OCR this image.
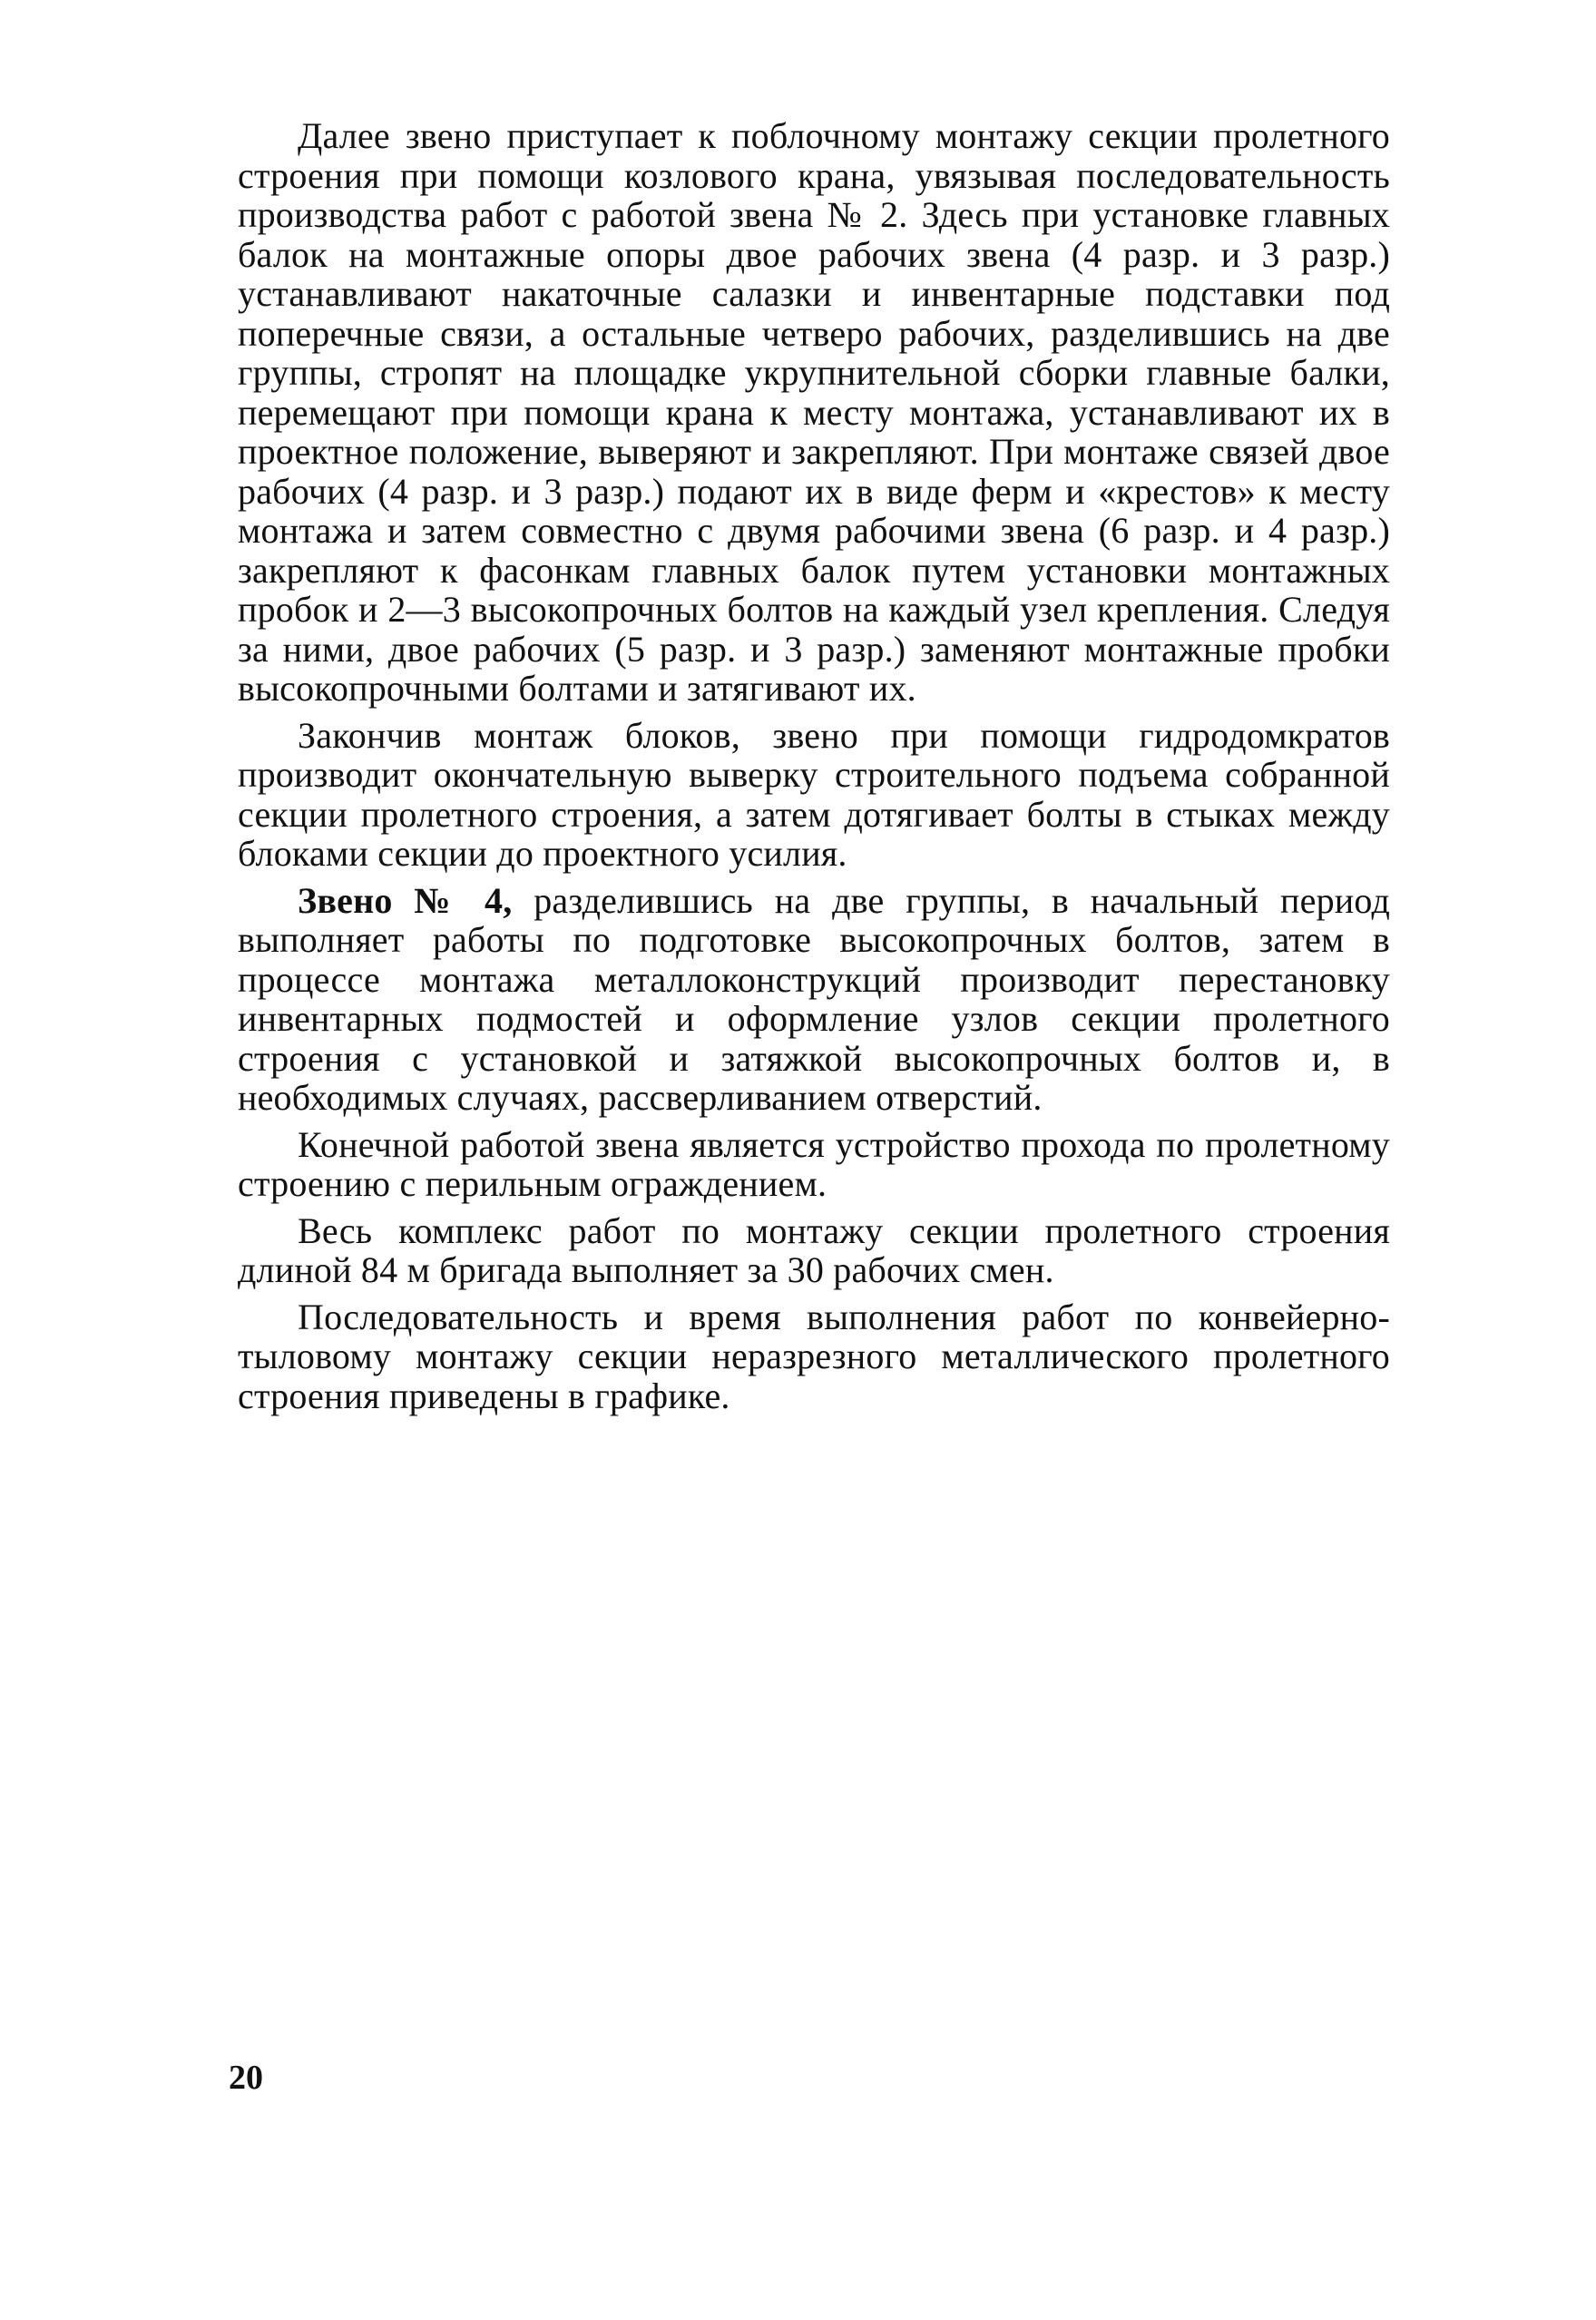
Далее звено приступает к поблочному монтажу секции пролетного строения при помощи козлового крана, увязывая последовательность производства работ с работой звена № 2. Здесь при установке главных балок на монтажные опоры двое рабочих звена (4 разр. и 3 разр.) устанавливают накаточные салазки и инвентарные подставки под поперечные связи, а остальные четверо рабочих, разделившись на две группы, стропят на площадке укрупнительной сборки главные балки, перемещают при помощи крана к месту монтажа, устанавливают их в проектное положение, выверяют и закрепляют. При монтаже связей двое рабочих (4 разр. и 3 разр.) подают их в виде ферм и «крестов» к месту монтажа и затем совместно с двумя рабочими звена (6 разр. и 4 разр.) закрепляют к фасонкам главных балок путем установки монтажных пробок и 2—3 высокопрочных болтов на каждый узел крепления. Следуя за ними, двое рабочих (5 разр. и 3 разр.) заменяют монтажные пробки высокопрочными болтами и затягивают их.

Закончив монтаж блоков, звено при помощи гидродомкратов производит окончательную выверку строительного подъема собранной секции пролетного строения, а затем дотягивает болты в стыках между блоками секции до проектного усилия.

Звено № 4, разделившись на две группы, в начальный период выполняет работы по подготовке высокопрочных болтов, затем в процессе монтажа металлоконструкций производит перестановку инвентарных подмостей и оформление узлов секции пролетного строения с установкой и затяжкой высокопрочных болтов и, в необходимых случаях, рассверливанием отверстий.

Конечной работой звена является устройство прохода по пролетному строению с перильным ограждением.

Весь комплекс работ по монтажу секции пролетного строения длиной 84 м бригада выполняет за 30 рабочих смен.

Последовательность и время выполнения работ по конвейерно-тыловому монтажу секции неразрезного металлического пролетного строения приведены в графике.

20
